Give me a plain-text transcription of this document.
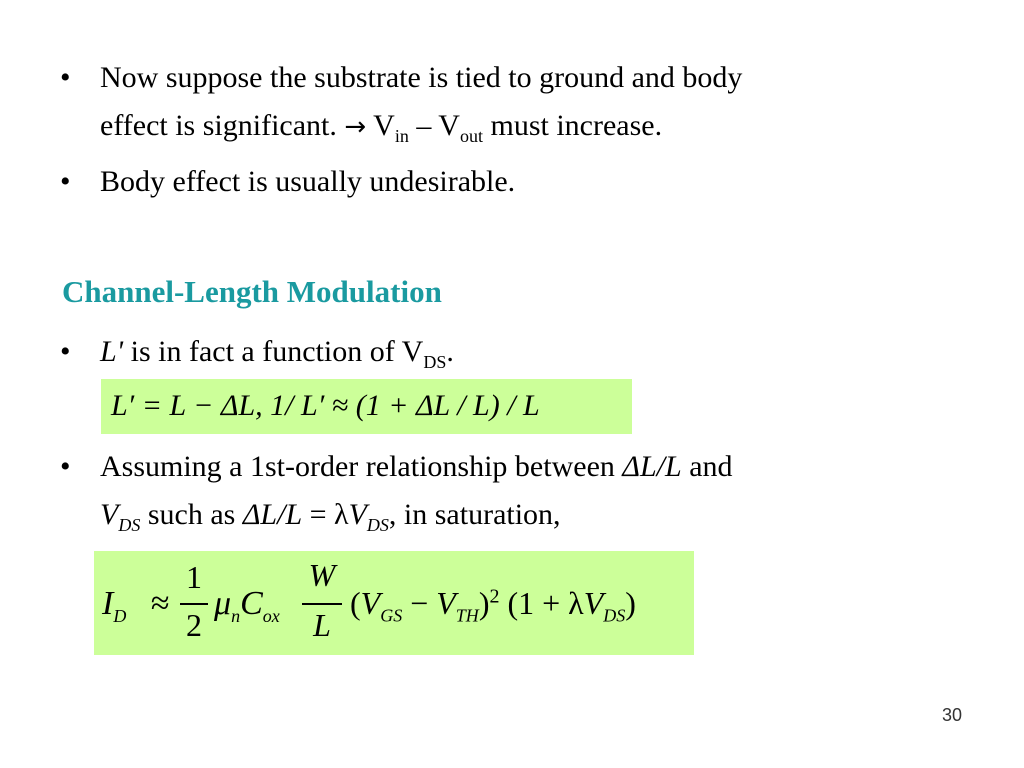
• Now suppose the substrate is tied to ground and body
effect is significant. → $V_{in} - V_{out}$ must increase.
• Body effect is usually undesirable.
Channel-Length Modulation
• L' is in fact a function of $V_{DS}$.
L′ = L − ΔL, 1/ L′ ≈ (1 + ΔL / L) / L
• Assuming a 1st-order relationship between ΔL/L and
$V_{DS}$ such as $\Delta L/L = \lambda V_{DS}$, in saturation,
$I_D$ ≈
1
2
$\mu_nC_{ox}$
W
L
$(V_{GS} - V_{TH})^2$ $(1 + \lambda V_{DS})$
30
